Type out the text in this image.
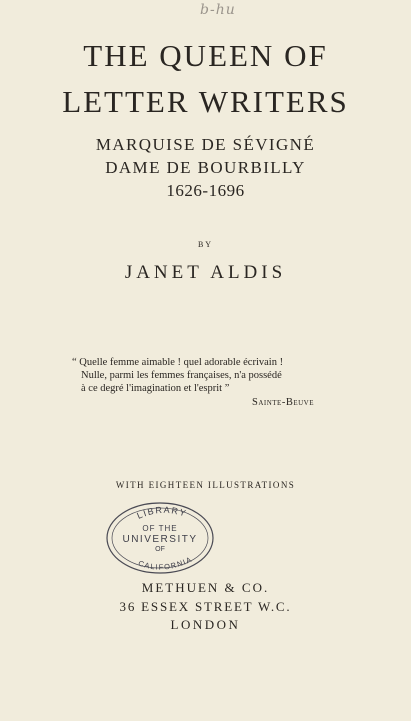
b-hu
THE QUEEN OF
LETTER WRITERS
MARQUISE DE SÉVIGNÉ
DAME DE BOURBILLY
1626-1696
BY
JANET ALDIS
“ Quelle femme aimable ! quel adorable écrivain !
Nulle, parmi les femmes françaises, n'a possédé
à ce degré l'imagination et l'esprit ”
Sainte-Beuve
WITH EIGHTEEN ILLUSTRATIONS
LIBRARY
OF THE
UNIVERSITY
OF
CALIFORNIA
METHUEN & CO.
36 ESSEX STREET W.C.
LONDON
